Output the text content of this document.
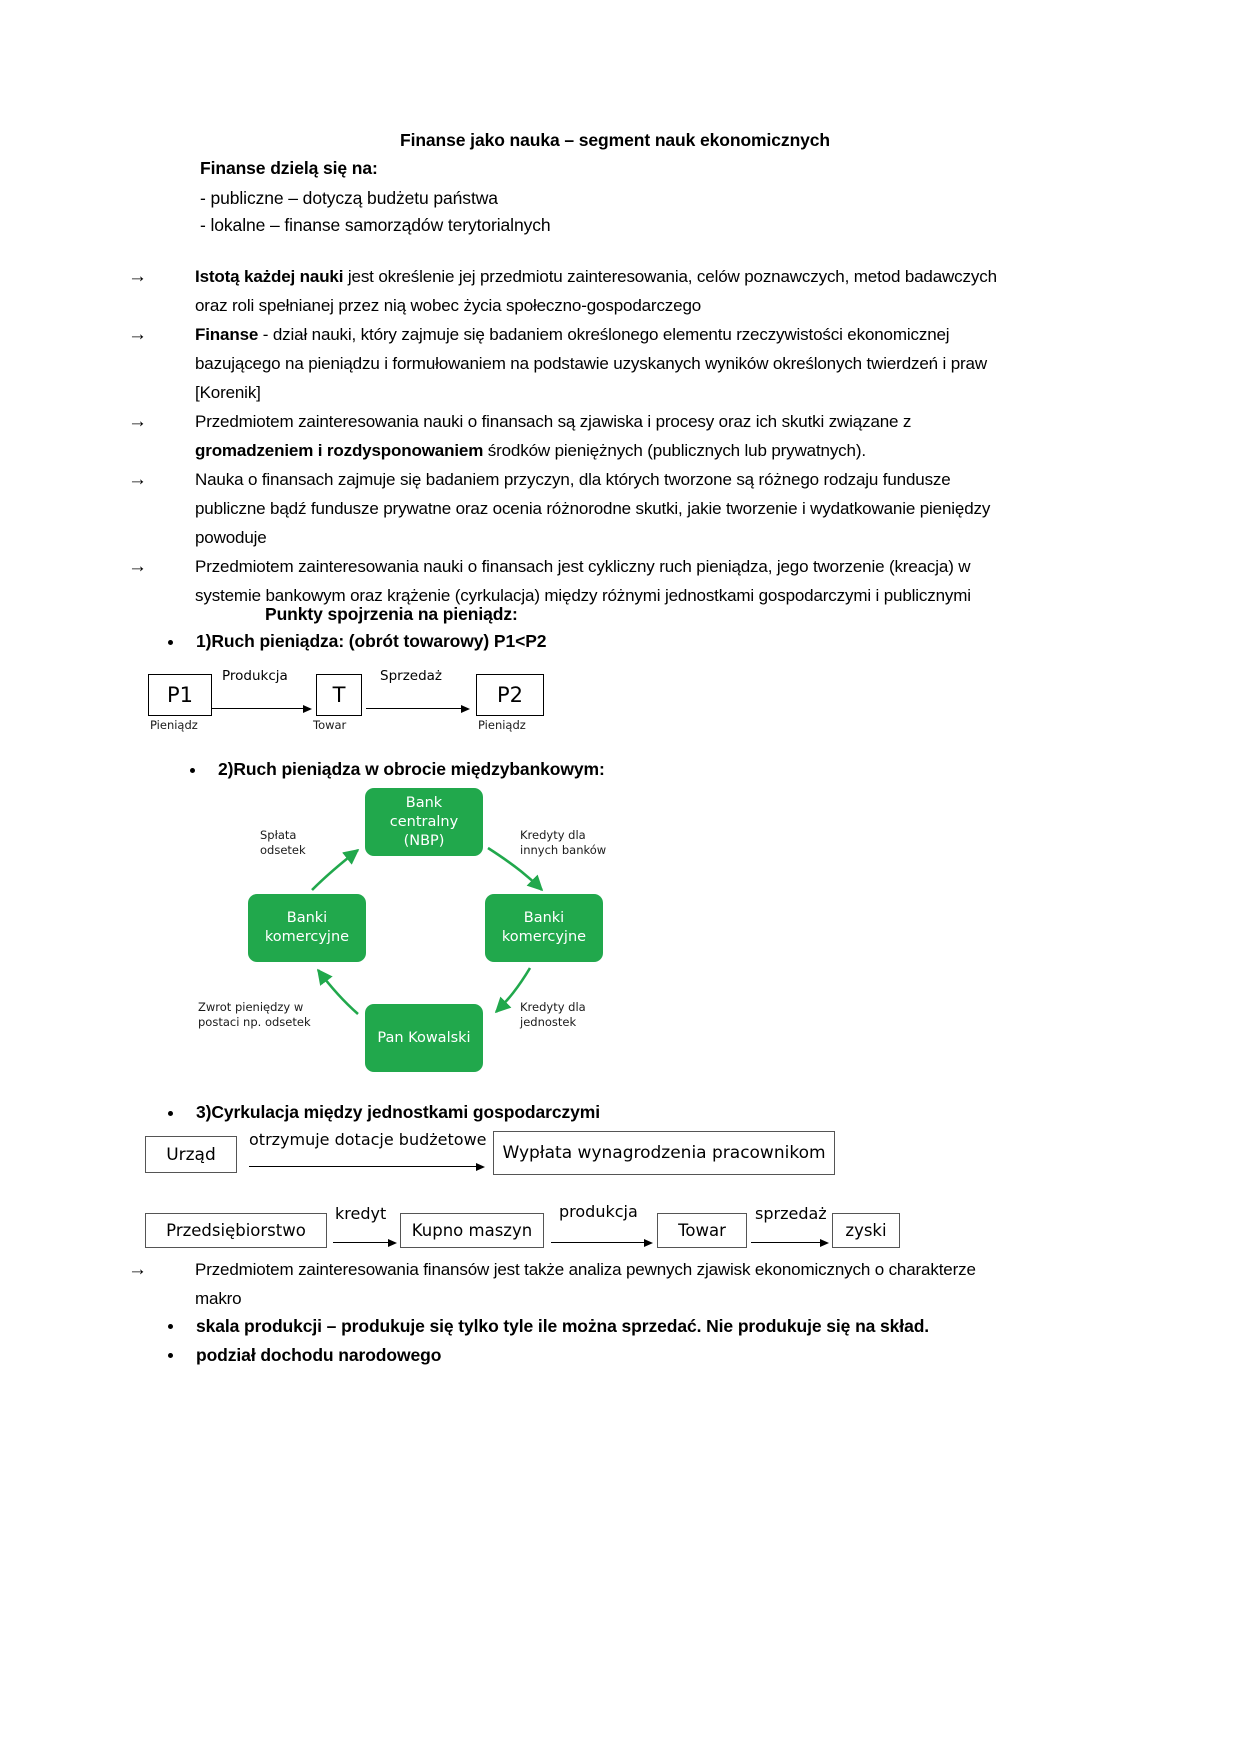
Finanse jako nauka – segment nauk ekonomicznych
Finanse dzielą się na:
- publiczne – dotyczą budżetu państwa
- lokalne – finanse samorządów terytorialnych
→	Istotą każdej nauki jest określenie jej przedmiotu zainteresowania, celów poznawczych, metod badawczych oraz roli spełnianej przez nią wobec życia społeczno-gospodarczego
→	Finanse - dział nauki, który zajmuje się badaniem określonego elementu rzeczywistości ekonomicznej bazującego na pieniądzu i formułowaniem na podstawie uzyskanych wyników określonych twierdzeń i praw [Korenik]
→	Przedmiotem zainteresowania nauki o finansach są zjawiska i procesy oraz ich skutki związane z gromadzeniem i rozdysponowaniem środków pieniężnych (publicznych lub prywatnych).
→	Nauka o finansach zajmuje się badaniem przyczyn, dla których tworzone są różnego rodzaju fundusze publiczne bądź fundusze prywatne oraz ocenia różnorodne skutki, jakie tworzenie i wydatkowanie pieniędzy powoduje
→	Przedmiotem zainteresowania nauki o finansach jest cykliczny ruch pieniądza, jego tworzenie (kreacja) w systemie bankowym oraz krążenie (cyrkulacja) między różnymi jednostkami gospodarczymi i publicznymi
Punkty spojrzenia na pieniądz:
1)Ruch pieniądza: (obrót towarowy) P1<P2
P1	T	P2
Produkcja	Sprzedaż
Pieniądz	Towar	Pieniądz
2)Ruch pieniądza w obrocie międzybankowym:
Bank
centralny
(NBP)
Banki
komercyjne
Banki
komercyjne
Pan Kowalski
Spłata
odsetek
Kredyty dla
innych banków
Zwrot pieniędzy w
postaci np. odsetek
Kredyty dla
jednostek
3)Cyrkulacja między jednostkami gospodarczymi
Urząd
otrzymuje dotacje budżetowe
Wypłata wynagrodzenia pracownikom
Przedsiębiorstwo
kredyt
Kupno maszyn
produkcja
Towar
sprzedaż
zyski
→	Przedmiotem zainteresowania finansów jest także analiza pewnych zjawisk ekonomicznych o charakterze makro
skala produkcji – produkuje się tylko tyle ile można sprzedać. Nie produkuje się na skład.
podział dochodu narodowego
